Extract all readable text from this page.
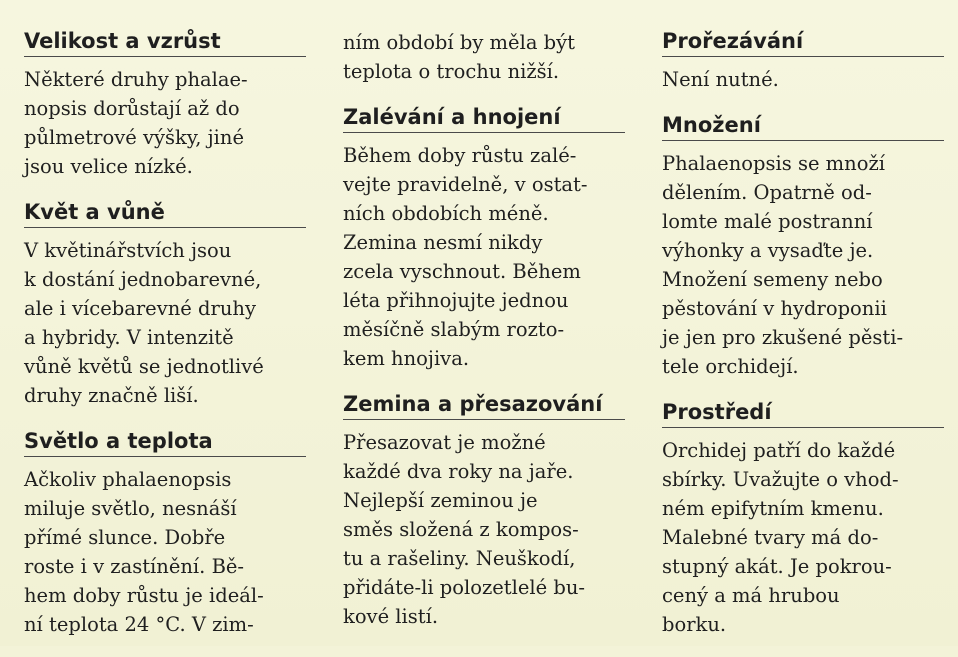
Velikost a vzrůst
Některé druhy phalae-
nopsis dorůstají až do
půlmetrové výšky, jiné
jsou velice nízké.
Květ a vůně
V květinářstvích jsou
k dostání jednobarevné,
ale i vícebarevné druhy
a hybridy. V intenzitě
vůně květů se jednotlivé
druhy značně liší.
Světlo a teplota
Ačkoliv phalaenopsis
miluje světlo, nesnáší
přímé slunce. Dobře
roste i v zastínění. Bě-
hem doby růstu je ideál-
ní teplota 24 °C. V zim-
ním období by měla být
teplota o trochu nižší.
Zalévání a hnojení
Během doby růstu zalé-
vejte pravidelně, v ostat-
ních obdobích méně.
Zemina nesmí nikdy
zcela vyschnout. Během
léta přihnojujte jednou
měsíčně slabým rozto-
kem hnojiva.
Zemina a přesazování
Přesazovat je možné
každé dva roky na jaře.
Nejlepší zeminou je
směs složená z kompos-
tu a rašeliny. Neuškodí,
přidáte-li polozetlelé bu-
kové listí.
Prořezávání
Není nutné.
Množení
Phalaenopsis se množí
dělením. Opatrně od-
lomte malé postranní
výhonky a vysaďte je.
Množení semeny nebo
pěstování v hydroponii
je jen pro zkušené pěsti-
tele orchidejí.
Prostředí
Orchidej patří do každé
sbírky. Uvažujte o vhod-
ném epifytním kmenu.
Malebné tvary má do-
stupný akát. Je pokrou-
cený a má hrubou
borku.
